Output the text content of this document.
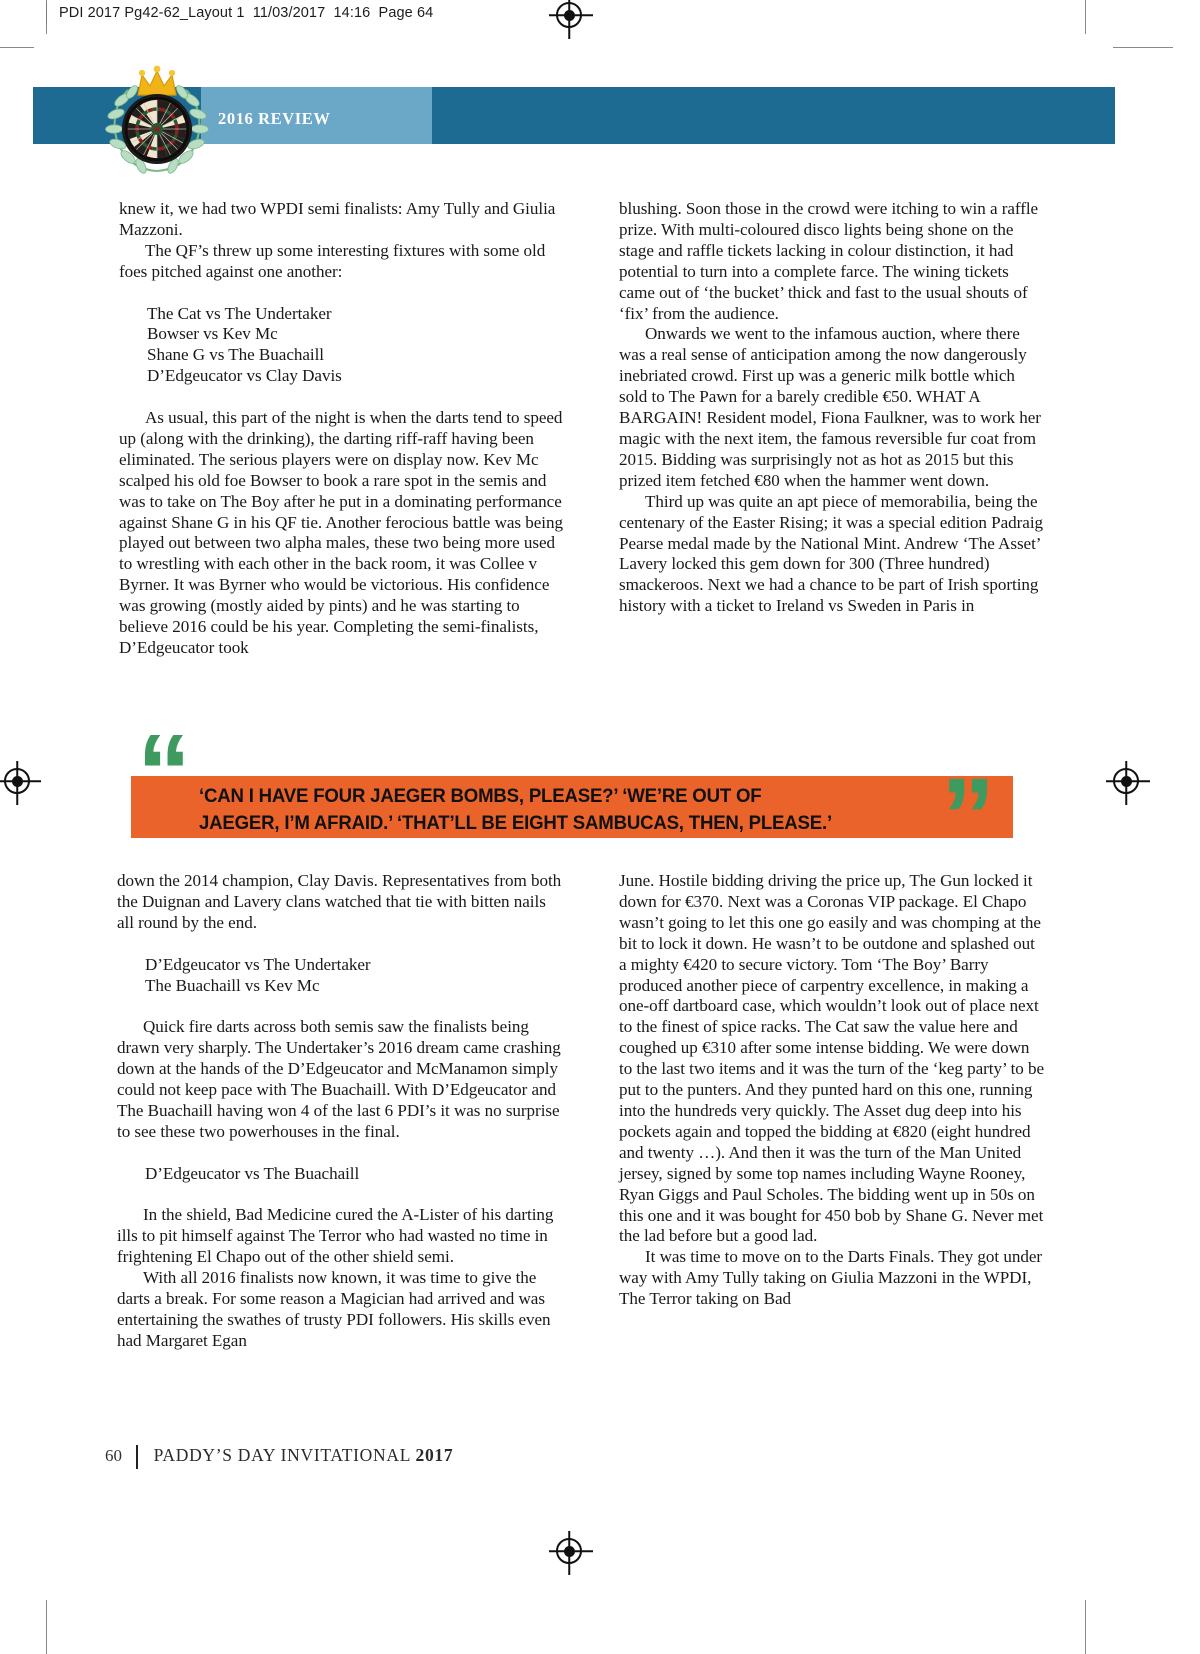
PDI 2017 Pg42-62_Layout 1  11/03/2017  14:16  Page 64
2016 REVIEW

knew it, we had two WPDI semi finalists: Amy Tully and Giulia Mazzoni.

The QF’s threw up some interesting fixtures with some old foes pitched against one another:

The Cat vs The Undertaker

Bowser vs Kev Mc

Shane G vs The Buachaill

D’Edgeucator vs Clay Davis

As usual, this part of the night is when the darts tend to speed up (along with the drinking), the darting riff-raff having been eliminated. The serious players were on display now. Kev Mc scalped his old foe Bowser to book a rare spot in the semis and was to take on The Boy after he put in a dominating performance against Shane G in his QF tie. Another ferocious battle was being played out between two alpha males, these two being more used to wrestling with each other in the back room, it was Collee v Byrner. It was Byrner who would be victorious. His confidence was growing (mostly aided by pints) and he was starting to believe 2016 could be his year. Completing the semi-finalists, D’Edgeucator took

blushing. Soon those in the crowd were itching to win a raffle prize. With multi-coloured disco lights being shone on the stage and raffle tickets lacking in colour distinction, it had potential to turn into a complete farce. The wining tickets came out of ‘the bucket’ thick and fast to the usual shouts of ‘fix’ from the audience.

Onwards we went to the infamous auction, where there was a real sense of anticipation among the now dangerously inebriated crowd. First up was a generic milk bottle which sold to The Pawn for a barely credible €50. WHAT A BARGAIN! Resident model, Fiona Faulkner, was to work her magic with the next item, the famous reversible fur coat from 2015. Bidding was surprisingly not as hot as 2015 but this prized item fetched €80 when the hammer went down.

Third up was quite an apt piece of memorabilia, being the centenary of the Easter Rising; it was a special edition Padraig Pearse medal made by the National Mint. Andrew ‘The Asset’ Lavery locked this gem down for 300 (Three hundred) smackeroos. Next we had a chance to be part of Irish sporting history with a ticket to Ireland vs Sweden in Paris in

“	”
‘CAN I HAVE FOUR JAEGER BOMBS, PLEASE?’ ‘WE’RE OUT OF
JAEGER, I’M AFRAID.’ ‘THAT’LL BE EIGHT SAMBUCAS, THEN, PLEASE.’

down the 2014 champion, Clay Davis. Representatives from both the Duignan and Lavery clans watched that tie with bitten nails all round by the end.

D’Edgeucator vs The Undertaker

The Buachaill vs Kev Mc

Quick fire darts across both semis saw the finalists being drawn very sharply. The Undertaker’s 2016 dream came crashing down at the hands of the D’Edgeucator and McManamon simply could not keep pace with The Buachaill. With D’Edgeucator and The Buachaill having won 4 of the last 6 PDI’s it was no surprise to see these two powerhouses in the final.

D’Edgeucator vs The Buachaill

In the shield, Bad Medicine cured the A-Lister of his darting ills to pit himself against The Terror who had wasted no time in frightening El Chapo out of the other shield semi.

With all 2016 finalists now known, it was time to give the darts a break. For some reason a Magician had arrived and was entertaining the swathes of trusty PDI followers. His skills even had Margaret Egan

June. Hostile bidding driving the price up, The Gun locked it down for €370. Next was a Coronas VIP package. El Chapo wasn’t going to let this one go easily and was chomping at the bit to lock it down. He wasn’t to be outdone and splashed out a mighty €420 to secure victory. Tom ‘The Boy’ Barry produced another piece of carpentry excellence, in making a one-off dartboard case, which wouldn’t look out of place next to the finest of spice racks. The Cat saw the value here and coughed up €310 after some intense bidding. We were down to the last two items and it was the turn of the ‘keg party’ to be put to the punters. And they punted hard on this one, running into the hundreds very quickly. The Asset dug deep into his pockets again and topped the bidding at €820 (eight hundred and twenty …). And then it was the turn of the Man United jersey, signed by some top names including Wayne Rooney, Ryan Giggs and Paul Scholes. The bidding went up in 50s on this one and it was bought for 450 bob by Shane G. Never met the lad before but a good lad.

It was time to move on to the Darts Finals. They got under way with Amy Tully taking on Giulia Mazzoni in the WPDI, The Terror taking on Bad

60	PADDY’S DAY INVITATIONAL 2017
